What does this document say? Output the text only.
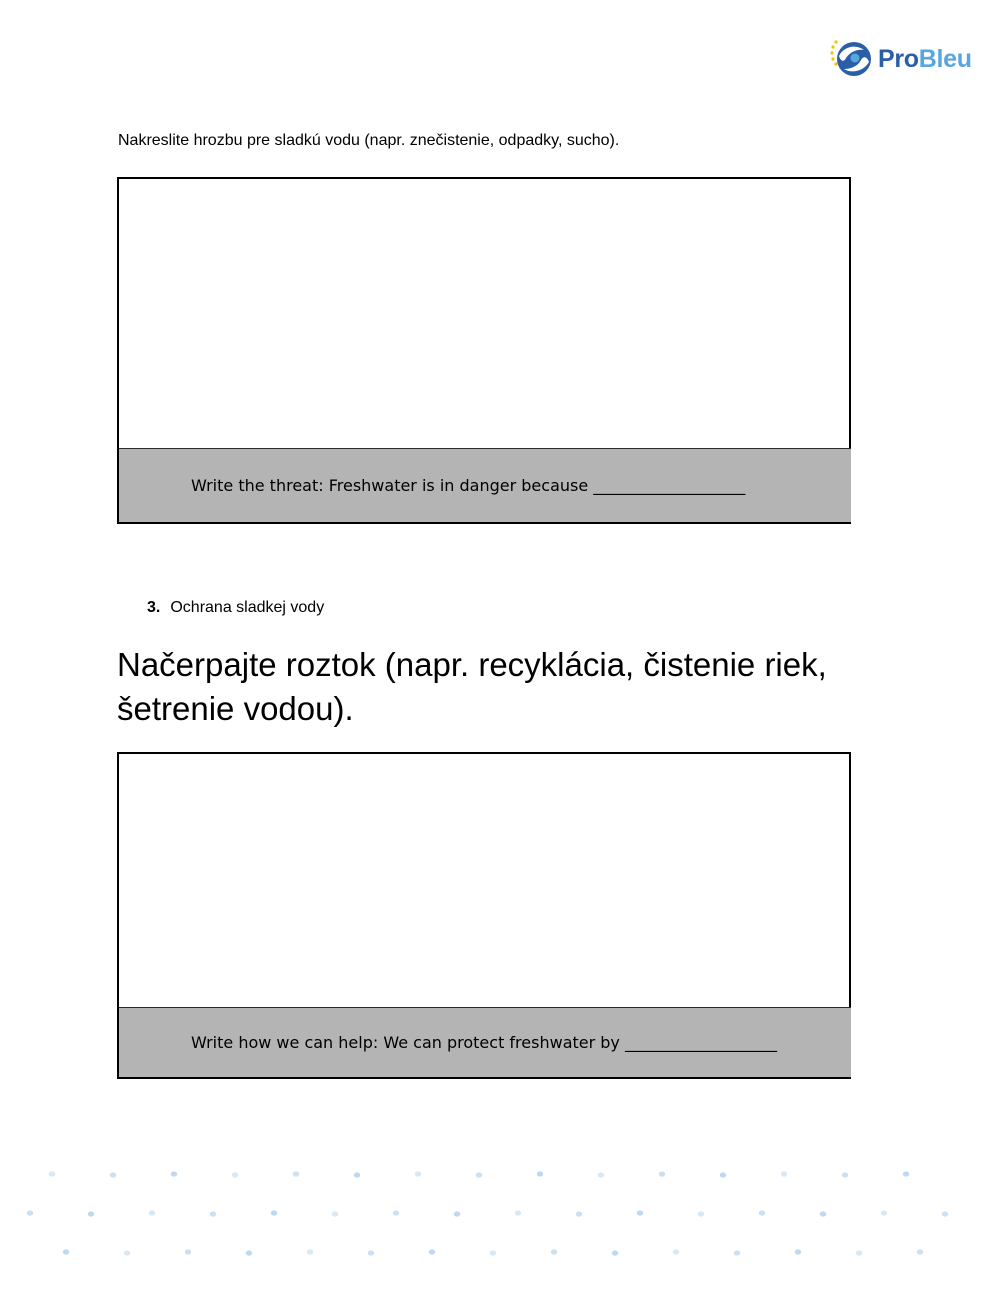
ProBleu
Nakreslite hrozbu pre sladkú vodu (napr. znečistenie, odpadky, sucho).
Write the threat: Freshwater is in danger because ___________________
3. Ochrana sladkej vody
Načerpajte roztok (napr. recyklácia, čistenie riek, šetrenie vodou).
Write how we can help: We can protect freshwater by ___________________
